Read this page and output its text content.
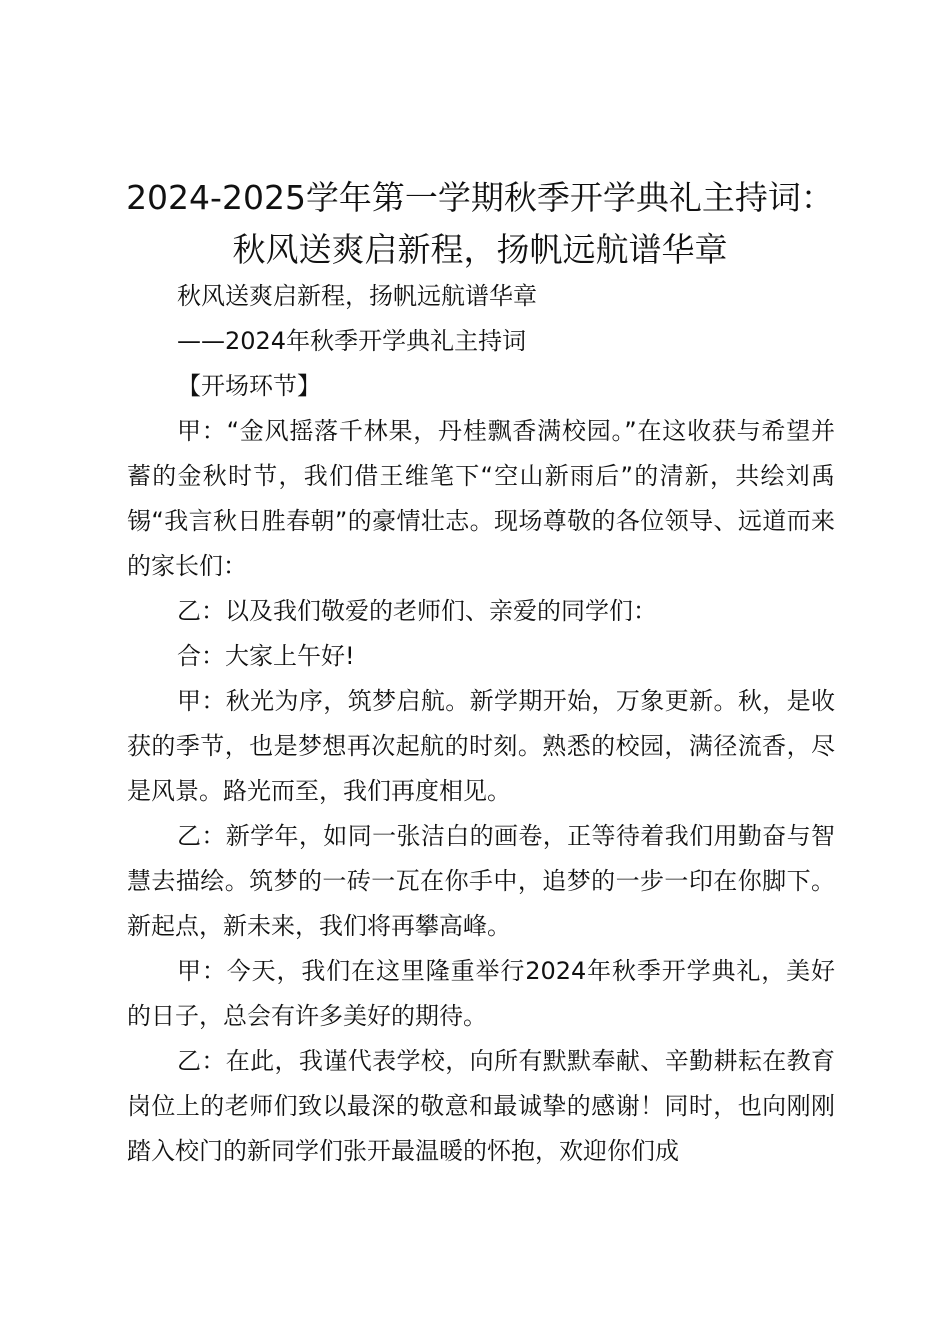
2024-2025学年第一学期秋季开学典礼主持词：秋风送爽启新程，扬帆远航谱华章

秋风送爽启新程，扬帆远航谱华章

——2024年秋季开学典礼主持词

【开场环节】

甲：“金风摇落千林果，丹桂飘香满校园。”在这收获与希望并蓄的金秋时节，我们借王维笔下“空山新雨后”的清新，共绘刘禹锡“我言秋日胜春朝”的豪情壮志。现场尊敬的各位领导、远道而来的家长们：

乙：以及我们敬爱的老师们、亲爱的同学们：

合：大家上午好!

甲：秋光为序，筑梦启航。新学期开始，万象更新。秋，是收获的季节，也是梦想再次起航的时刻。熟悉的校园，满径流香，尽是风景。路光而至，我们再度相见。

乙：新学年，如同一张洁白的画卷，正等待着我们用勤奋与智慧去描绘。筑梦的一砖一瓦在你手中，追梦的一步一印在你脚下。新起点，新未来，我们将再攀高峰。

甲：今天，我们在这里隆重举行2024年秋季开学典礼，美好的日子，总会有许多美好的期待。

乙：在此，我谨代表学校，向所有默默奉献、辛勤耕耘在教育岗位上的老师们致以最深的敬意和最诚挚的感谢！同时，也向刚刚踏入校门的新同学们张开最温暖的怀抱，欢迎你们成
